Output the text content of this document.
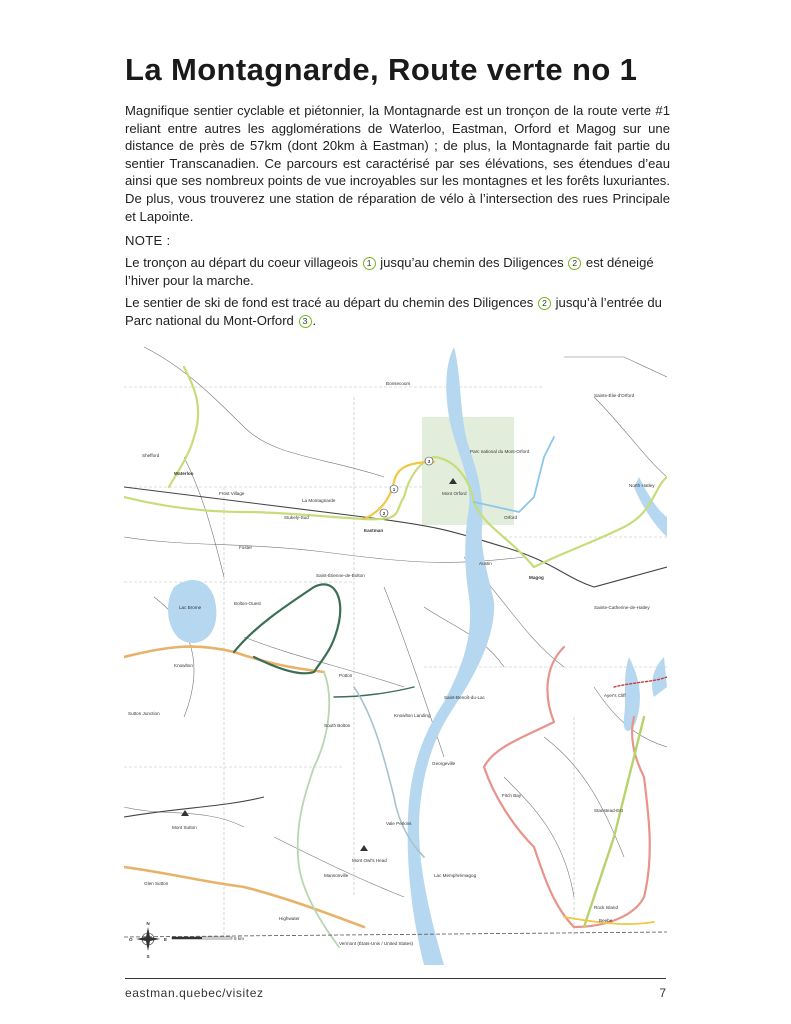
La Montagnarde, Route verte no 1

Magnifique sentier cyclable et piétonnier, la Montagnarde est un tronçon de la route verte #1 reliant entre autres les agglomérations de Waterloo, Eastman, Orford et Magog sur une distance de près de 57km (dont 20km à Eastman) ; de plus, la Montagnarde fait partie du sentier Transcanadien. Ce parcours est caractérisé par ses élévations, ses étendues d’eau ainsi que ses nombreux points de vue incroyables sur les montagnes et les forêts luxuriantes. De plus, vous trouverez une station de réparation de vélo à l’intersection des rues Principale et Lapointe.

NOTE :

Le tronçon au départ du coeur villageois 1 jusqu’au chemin des Diligences 2 est déneigé l’hiver pour la marche.

Le sentier de ski de fond est tracé au départ du chemin des Diligences 2 jusqu’à l’entrée du Parc national du Mont-Orford 3 .

1
2
3
Waterloo
Shefford
Eastman
Parc national du Mont-Orford
Mont Orford
Magog
Orford
Austin
Georgeville
Saint-Étienne-de-Bolton
Bolton-Ouest
Lac Brome
Knowlton
South Bolton
Potton
Mont Sutton
Mont Owl's Head
Mansonville
Highwater
Glen Sutton
Fitch Bay
Ayer's Cliff
Stanstead-Est
Sainte-Catherine-de-Hatley
Vale Perkins
Lac Memphrémagog
Beebe
Rock Island
La Montagnarde
Bonsecours
Foster
Stukely-Sud
Frost Village
Saint-Benoît-du-Lac
Knowlton Landing
Sutton Junction
North Hatley
Sainte-Élie-d'Orford
N
S
E
O	5 km
Vermont (États-Unis / United States)
eastman.quebec/visitez	7
